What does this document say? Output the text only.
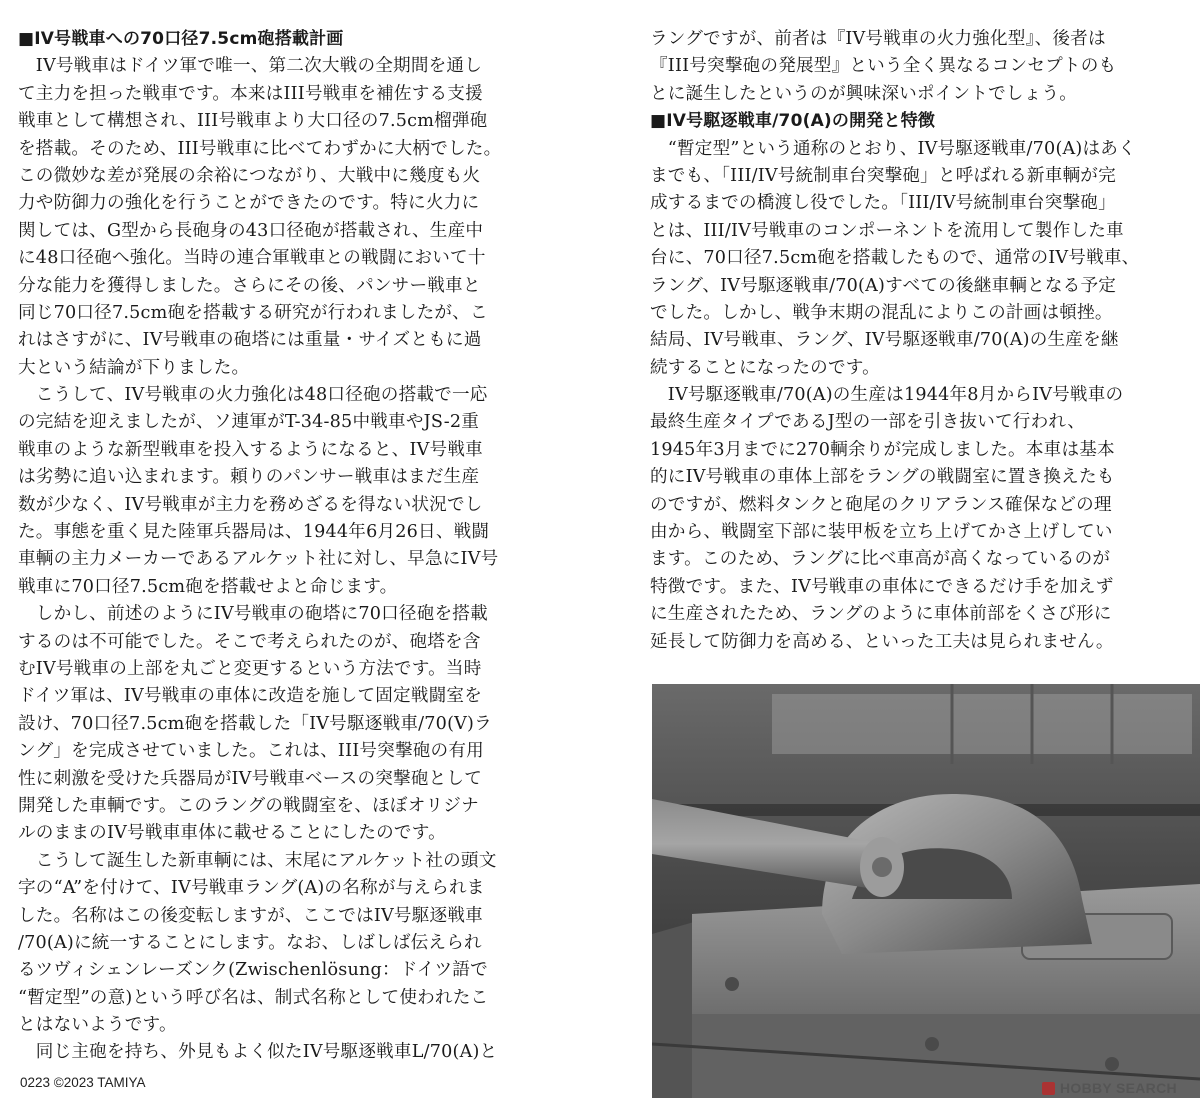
■IV号戦車への70口径7.5cm砲搭載計画
　IV号戦車はドイツ軍で唯一、第二次大戦の全期間を通し
て主力を担った戦車です。本来はIII号戦車を補佐する支援
戦車として構想され、III号戦車より大口径の7.5cm榴弾砲
を搭載。そのため、III号戦車に比べてわずかに大柄でした。
この微妙な差が発展の余裕につながり、大戦中に幾度も火
力や防御力の強化を行うことができたのです。特に火力に
関しては、G型から長砲身の43口径砲が搭載され、生産中
に48口径砲へ強化。当時の連合軍戦車との戦闘において十
分な能力を獲得しました。さらにその後、パンサー戦車と
同じ70口径7.5cm砲を搭載する研究が行われましたが、こ
れはさすがに、IV号戦車の砲塔には重量・サイズともに過
大という結論が下りました。
　こうして、IV号戦車の火力強化は48口径砲の搭載で一応
の完結を迎えましたが、ソ連軍がT-34-85中戦車やJS-2重
戦車のような新型戦車を投入するようになると、IV号戦車
は劣勢に追い込まれます。頼りのパンサー戦車はまだ生産
数が少なく、IV号戦車が主力を務めざるを得ない状況でし
た。事態を重く見た陸軍兵器局は、1944年6月26日、戦闘
車輌の主力メーカーであるアルケット社に対し、早急にIV号
戦車に70口径7.5cm砲を搭載せよと命じます。
　しかし、前述のようにIV号戦車の砲塔に70口径砲を搭載
するのは不可能でした。そこで考えられたのが、砲塔を含
むIV号戦車の上部を丸ごと変更するという方法です。当時
ドイツ軍は、IV号戦車の車体に改造を施して固定戦闘室を
設け、70口径7.5cm砲を搭載した「IV号駆逐戦車/70(V)ラ
ング」を完成させていました。これは、III号突撃砲の有用
性に刺激を受けた兵器局がIV号戦車ベースの突撃砲として
開発した車輌です。このラングの戦闘室を、ほぼオリジナ
ルのままのIV号戦車車体に載せることにしたのです。
　こうして誕生した新車輌には、末尾にアルケット社の頭文
字の“A”を付けて、IV号戦車ラング(A)の名称が与えられま
した。名称はこの後変転しますが、ここではIV号駆逐戦車
/70(A)に統一することにします。なお、しばしば伝えられ
るツヴィシェンレーズンク(Zwischenlösung：ドイツ語で
“暫定型”の意)という呼び名は、制式名称として使われたこ
とはないようです。
　同じ主砲を持ち、外見もよく似たIV号駆逐戦車L/70(A)と
ラングですが、前者は『IV号戦車の火力強化型』、後者は
『III号突撃砲の発展型』という全く異なるコンセプトのも
とに誕生したというのが興味深いポイントでしょう。
■IV号駆逐戦車/70(A)の開発と特徴
　“暫定型”という通称のとおり、IV号駆逐戦車/70(A)はあく
までも、「III/IV号統制車台突撃砲」と呼ばれる新車輌が完
成するまでの橋渡し役でした。「III/IV号統制車台突撃砲」
とは、III/IV号戦車のコンポーネントを流用して製作した車
台に、70口径7.5cm砲を搭載したもので、通常のIV号戦車、
ラング、IV号駆逐戦車/70(A)すべての後継車輌となる予定
でした。しかし、戦争末期の混乱によりこの計画は頓挫。
結局、IV号戦車、ラング、IV号駆逐戦車/70(A)の生産を継
続することになったのです。
　IV号駆逐戦車/70(A)の生産は1944年8月からIV号戦車の
最終生産タイプであるJ型の一部を引き抜いて行われ、
1945年3月までに270輌余りが完成しました。本車は基本
的にIV号戦車の車体上部をラングの戦闘室に置き換えたも
のですが、燃料タンクと砲尾のクリアランス確保などの理
由から、戦闘室下部に装甲板を立ち上げてかさ上げしてい
ます。このため、ラングに比べ車高が高くなっているのが
特徴です。また、IV号戦車の車体にできるだけ手を加えず
に生産されたため、ラングのように車体前部をくさび形に
延長して防御力を高める、といった工夫は見られません。
0223 ©2023 TAMIYA	HOBBY SEARCH
